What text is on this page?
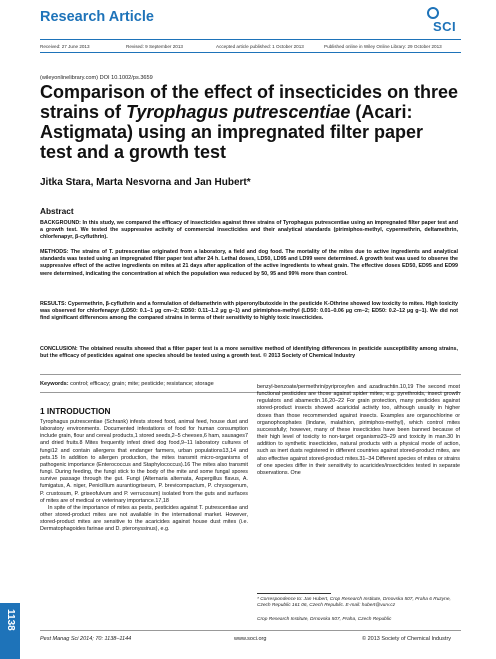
Research Article
SCI
Received: 27 June 2013	Revised: 9 September 2013	Accepted article published: 1 October 2013	Published online in Wiley Online Library: 29 October 2013
(wileyonlinelibrary.com) DOI 10.1002/ps.3659
Comparison of the effect of insecticides on three strains of Tyrophagus putrescentiae (Acari: Astigmata) using an impregnated filter paper test and a growth test
Jitka Stara, Marta Nesvorna and Jan Hubert*
Abstract
BACKGROUND: In this study, we compared the efficacy of insecticides against three strains of Tyrophagus putrescentiae using an impregnated filter paper test and a growth test. We tested the suppressive activity of commercial insecticides and their analytical standards (pirimiphos-methyl, cypermethrin, deltamethrin, chlorfenapyr, β-cyfluthrin).
METHODS: The strains of T. putrescentiae originated from a laboratory, a field and dog food. The mortality of the mites due to active ingredients and analytical standards was tested using an impregnated filter paper test after 24 h. Lethal doses, LD50, LD95 and LD99 were determined. A growth test was used to observe the suppressive effect of the active ingredients on mites at 21 days after application of the active ingredients to wheat grain. The effective doses ED50, ED95 and ED99 were determined, indicating the concentration at which the population was reduced by 50, 95 and 99% more than control.
RESULTS: Cypermethrin, β-cyfluthrin and a formulation of deltamethrin with piperonylbutoxide in the pesticide K-Othrine showed low toxicity to mites. High toxicity was observed for chlorfenapyr (LD50: 0.1–1 µg cm−2; ED50: 0.11–1.2 µg g−1) and pirimiphos-methyl (LD50: 0.01–0.06 µg cm−2; ED50: 0.2–12 µg g−1). We did not find significant differences among the compared strains in terms of their sensitivity to highly toxic insecticides.
CONCLUSION: The obtained results showed that a filter paper test is a more sensitive method of identifying differences in pesticide susceptibility among strains, but the efficacy of pesticides against one species should be tested using a growth test. © 2013 Society of Chemical Industry
Keywords: control; efficacy; grain; mite; pesticide; resistance; storage
1 INTRODUCTION
Tyrophagus putrescentiae (Schrank) infests stored food, animal feed, house dust and laboratory environments. Documented infestations of food for human consumption include grain, flour and cereal products,1 stored seeds,2–5 cheeses,6 ham, sausages7 and dried fruits.8 Mites frequently infest dried dog food,9–11 laboratory cultures of fungi12 and contain allergens that endanger farmers, urban populations13,14 and pets.15 In addition to allergen production, the mites transmit micro-organisms of pathogenic importance (Enterococcus and Staphylococcus).16 The mites also transmit fungi. During feeding, the fungi stick to the body of the mite and some fungal spores survive passage through the gut. Fungi (Alternaria alternata, Aspergillus flavus, A. fumigatus, A. niger, Penicillium aurantiogriseum, P. brevicompactum, P. chrysogenum, P. crustosum, P. griseofulvum and P. verrucosum) isolated from the guts and surfaces of mites are of medical or veterinary importance.17,18
In spite of the importance of mites as pests, pesticides against T. putrescentiae and other stored-product mites are not available in the international market. However, stored-product mites are sensitive to the acaricides against house dust mites (i.e. Dermatophagoides farinae and D. pteronyssinus), e.g.
benzyl-benzoate/permethrin/pyriproxyfen and azadirachtin.10,19 The second most functional pesticides are those against spider mites, e.g. pyrethroids, insect growth regulators and abamectin.16,20–22 For grain protection, many pesticides against stored-product insects showed acaricidal activity too, although usually in higher doses than those recommended against insects. Examples are organochlorine or organophosphates (lindane, malathion, pirimiphos-methyl), which control mites successfully; however, many of these insecticides have been banned because of their high level of toxicity to non-target organisms23–29 and toxicity in man.30 In addition to synthetic insecticides, natural products with a physical mode of action, such as inert dusts registered in different countries against stored-product mites, are also effective against stored-product mites.31–34 Different species of mites or strains of one species differ in their sensitivity to acaricides/insecticides tested in separate observations. One
* Correspondence to: Jan Hubert, Crop Research Institute, Drnovska 507, Praha 6 Ruzyne, Czech Republic 161 06, Czech Republic. E-mail: hubert@vurv.cz
Crop Research Institute, Drnovska 507, Praha, Czech Republic
Pest Manag Sci 2014; 70: 1138–1144	www.soci.org	© 2013 Society of Chemical Industry
1138
